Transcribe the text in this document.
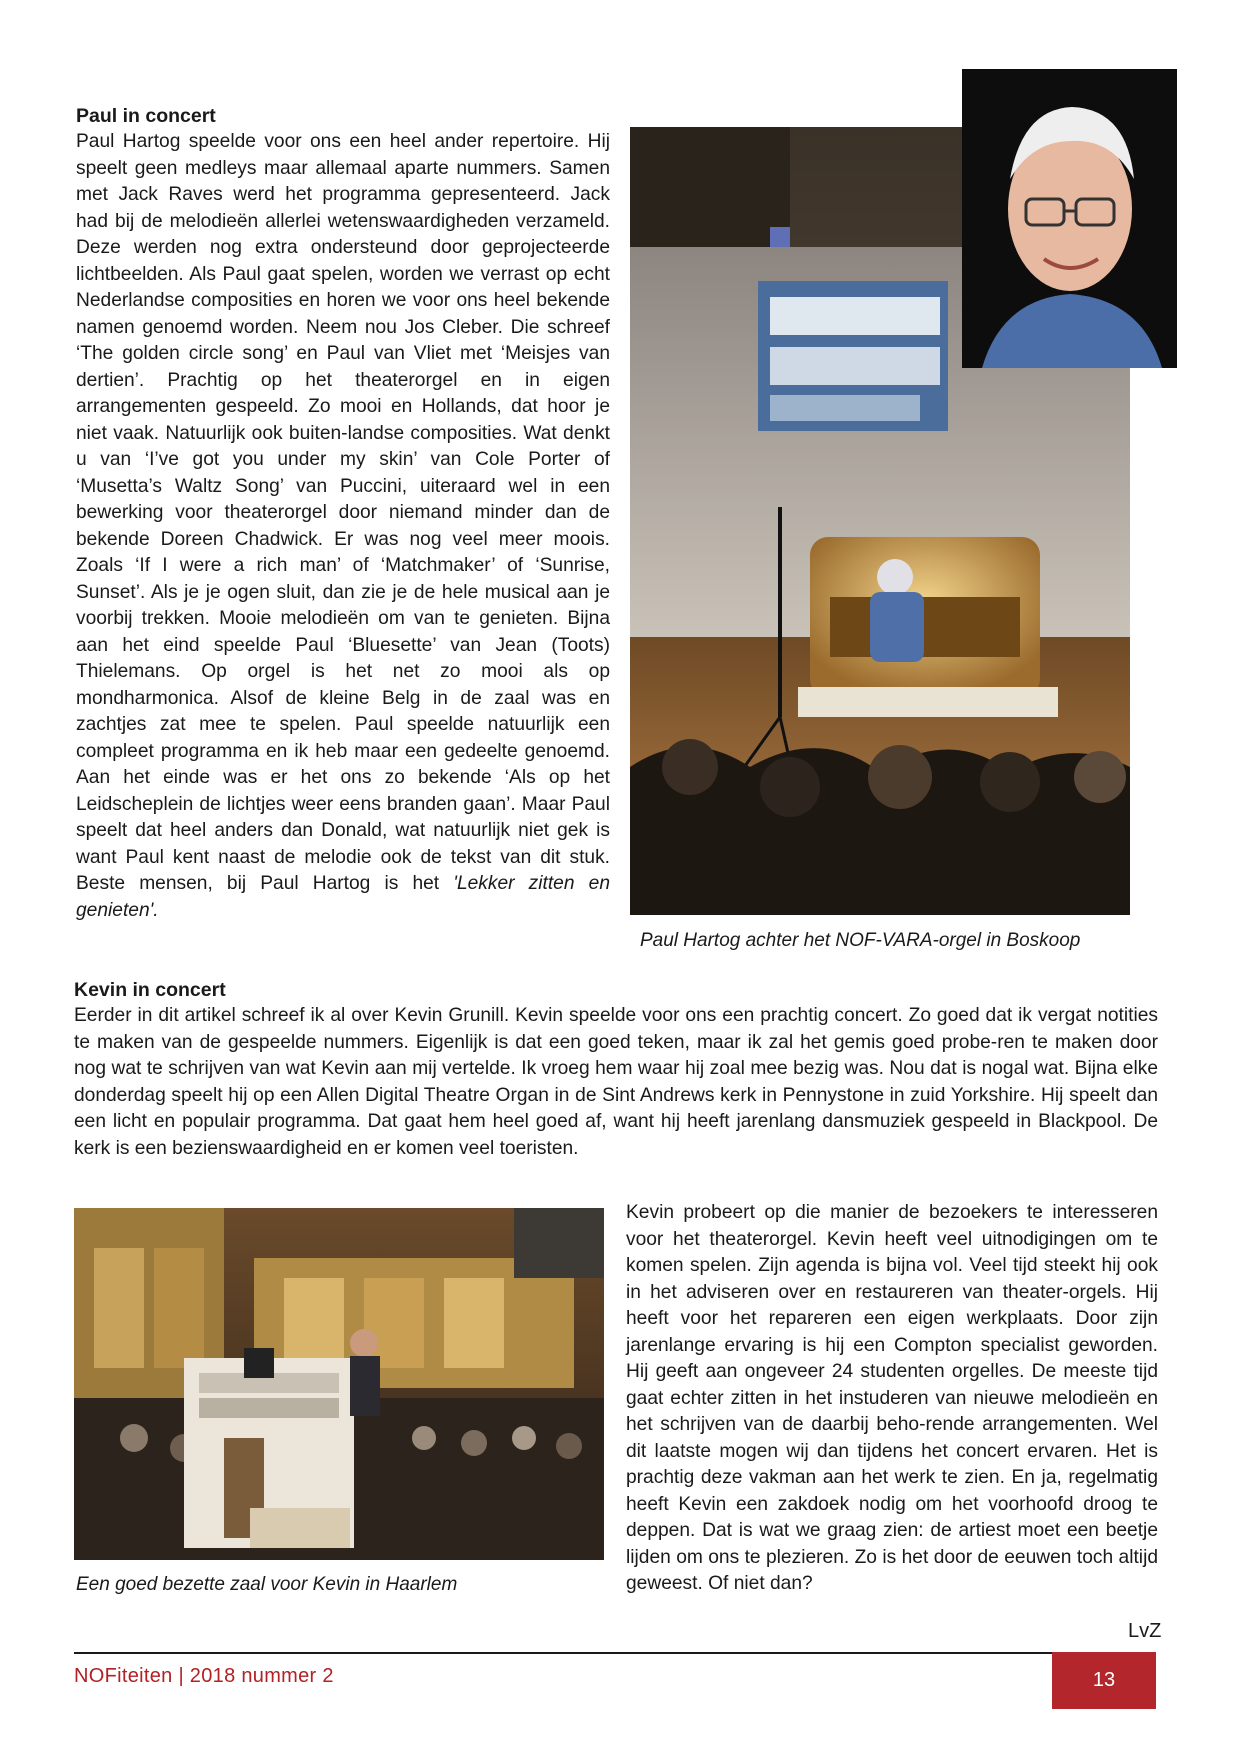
Paul in concert

Paul Hartog speelde voor ons een heel ander repertoire. Hij speelt geen medleys maar allemaal aparte nummers. Samen met Jack Raves werd het programma gepresenteerd. Jack had bij de melodieën allerlei wetenswaardigheden verzameld. Deze werden nog extra ondersteund door geprojecteerde lichtbeelden. Als Paul gaat spelen, worden we verrast op echt Nederlandse composities en horen we voor ons heel bekende namen genoemd worden. Neem nou Jos Cleber. Die schreef ‘The golden circle song’ en Paul van Vliet met ‘Meisjes van dertien’. Prachtig op het theaterorgel en in eigen arrangementen gespeeld. Zo mooi en Hollands, dat hoor je niet vaak. Natuurlijk ook buiten-landse composities. Wat denkt u van ‘I’ve got you under my skin’ van Cole Porter of ‘Musetta’s Waltz Song’ van Puccini, uiteraard wel in een bewerking voor theaterorgel door niemand minder dan de bekende Doreen Chadwick. Er was nog veel meer moois. Zoals ‘If I were a rich man’ of ‘Matchmaker’ of ‘Sunrise, Sunset’. Als je je ogen sluit, dan zie je de hele musical aan je voorbij trekken. Mooie melodieën om van te genieten. Bijna aan het eind speelde Paul ‘Bluesette’ van Jean (Toots) Thielemans. Op orgel is het net zo mooi als op mondharmonica. Alsof de kleine Belg in de zaal was en zachtjes zat mee te spelen. Paul speelde natuurlijk een compleet programma en ik heb maar een gedeelte genoemd. Aan het einde was er het ons zo bekende ‘Als op het Leidscheplein de lichtjes weer eens branden gaan’. Maar Paul speelt dat heel anders dan Donald, wat natuurlijk niet gek is want Paul kent naast de melodie ook de tekst van dit stuk. Beste mensen, bij Paul Hartog is het 'Lekker zitten en genieten'.

Paul Hartog achter het NOF-VARA-orgel in Boskoop
Kevin in concert

Eerder in dit artikel schreef ik al over Kevin Grunill. Kevin speelde voor ons een prachtig concert. Zo goed dat ik vergat notities te maken van de gespeelde nummers. Eigenlijk is dat een goed teken, maar ik zal het gemis goed probe-ren te maken door nog wat te schrijven van wat Kevin aan mij vertelde. Ik vroeg hem waar hij zoal mee bezig was. Nou dat is nogal wat. Bijna elke donderdag speelt hij op een Allen Digital Theatre Organ in de Sint Andrews kerk in Pennystone in zuid Yorkshire. Hij speelt dan een licht en populair programma. Dat gaat hem heel goed af, want hij heeft jarenlang dansmuziek gespeeld in Blackpool. De kerk is een bezienswaardigheid en er komen veel toeristen.

Een goed bezette zaal voor Kevin in Haarlem

Kevin probeert op die manier de bezoekers te interesseren voor het theaterorgel. Kevin heeft veel uitnodigingen om te komen spelen. Zijn agenda is bijna vol. Veel tijd steekt hij ook in het adviseren over en restaureren van theater-orgels. Hij heeft voor het repareren een eigen werkplaats. Door zijn jarenlange ervaring is hij een Compton specialist geworden. Hij geeft aan ongeveer 24 studenten orgelles. De meeste tijd gaat echter zitten in het instuderen van nieuwe melodieën en het schrijven van de daarbij beho-rende arrangementen. Wel dit laatste mogen wij dan tijdens het concert ervaren. Het is prachtig deze vakman aan het werk te zien. En ja, regelmatig heeft Kevin een zakdoek nodig om het voorhoofd droog te deppen. Dat is wat we graag zien: de artiest moet een beetje lijden om ons te plezieren. Zo is het door de eeuwen toch altijd geweest. Of niet dan?

LvZ
NOFiteiten | 2018 nummer 2	13
